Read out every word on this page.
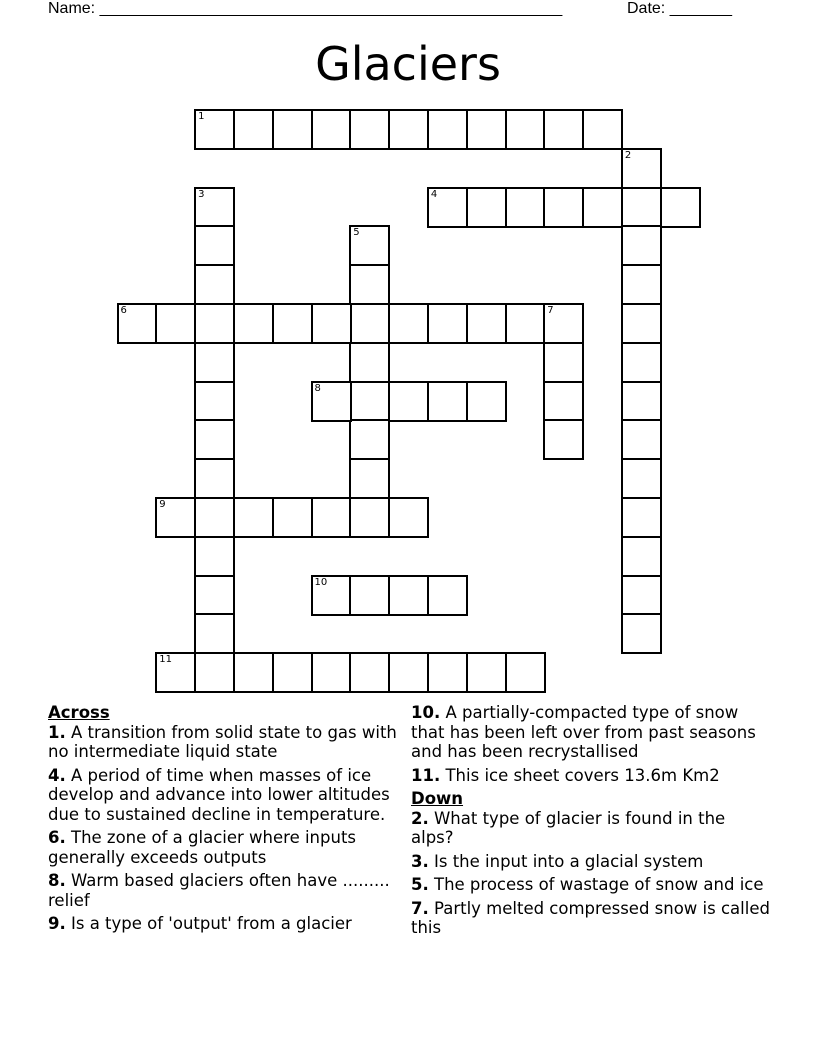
Name: ____________________________________________________	Date: _______
Glaciers
1
2
3	4
5
6	7
8
9
10
11

Across

1. A transition from solid state to gas with no intermediate liquid state

4. A period of time when masses of ice develop and advance into lower altitudes due to sustained decline in temperature.

6. The zone of a glacier where inputs generally exceeds outputs

8. Warm based glaciers often have ......... relief

9. Is a type of 'output' from a glacier

10. A partially-compacted type of snow that has been left over from past seasons and has been recrystallised

11. This ice sheet covers 13.6m Km2

Down

2. What type of glacier is found in the alps?

3. Is the input into a glacial system

5. The process of wastage of snow and ice

7. Partly melted compressed snow is called this
